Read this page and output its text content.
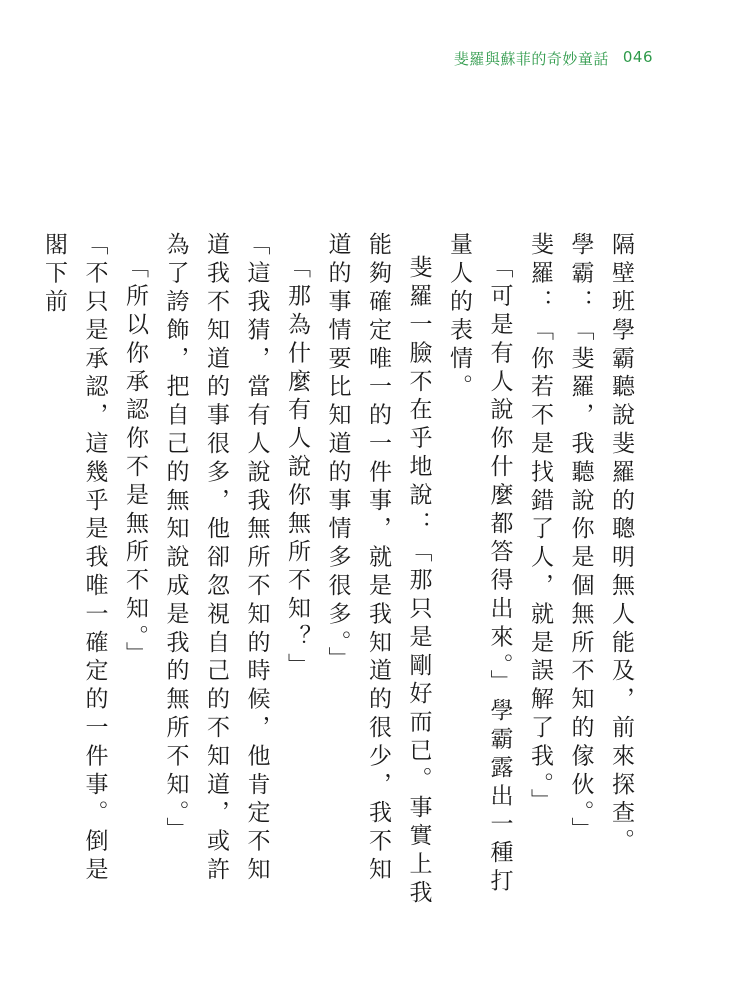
斐羅與蘇菲的奇妙童話 046

隔壁班學霸聽說斐羅的聰明無人能及，前來探查。

學霸：「斐羅，我聽說你是個無所不知的傢伙。」

斐羅：「你若不是找錯了人，就是誤解了我。」

「可是有人說你什麼都答得出來。」學霸露出一種打量人的表情。

斐羅一臉不在乎地說：「那只是剛好而已。事實上我能夠確定唯一的一件事，就是我知道的很少，我不知道的事情要比知道的事情多很多。」

「那為什麼有人說你無所不知？」

「這我猜，當有人說我無所不知的時候，他肯定不知道我不知道的事很多，他卻忽視自己的不知道，或許為了誇飾，把自己的無知說成是我的無所不知。」

「所以你承認你不是無所不知。」

「不只是承認，這幾乎是我唯一確定的一件事。倒是閣下前
